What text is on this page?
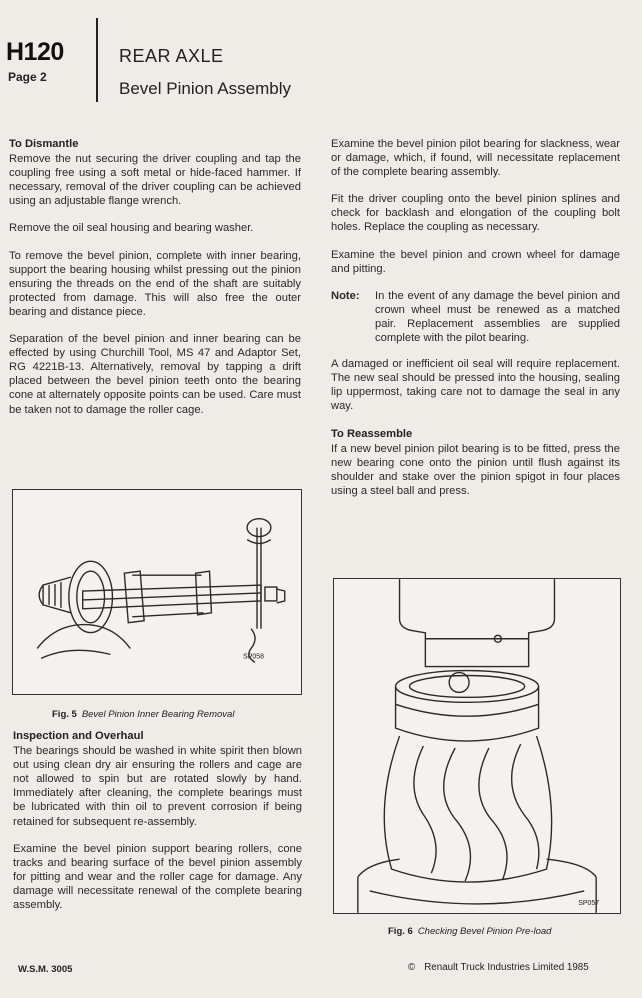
H120
Page 2
REAR AXLE
Bevel Pinion Assembly
To Dismantle

Remove the nut securing the driver coupling and tap the coupling free using a soft metal or hide-faced hammer. If necessary, removal of the driver coupling can be achieved using an adjustable flange wrench.

Remove the oil seal housing and bearing washer.

To remove the bevel pinion, complete with inner bearing, support the bearing housing whilst pressing out the pinion ensuring the threads on the end of the shaft are suitably protected from damage. This will also free the outer bearing and distance piece.

Separation of the bevel pinion and inner bearing can be effected by using Churchill Tool, MS 47 and Adaptor Set, RG 4221B-13. Alternatively, removal by tapping a drift placed between the bevel pinion teeth onto the bearing cone at alternately opposite points can be used. Care must be taken not to damage the roller cage.

SP058
Fig. 5 Bevel Pinion Inner Bearing Removal
Inspection and Overhaul

The bearings should be washed in white spirit then blown out using clean dry air ensuring the rollers and cage are not allowed to spin but are rotated slowly by hand. Immediately after cleaning, the complete bearings must be lubricated with thin oil to prevent corrosion if being retained for subsequent re-assembly.

Examine the bevel pinion support bearing rollers, cone tracks and bearing surface of the bevel pinion assembly for pitting and wear and the roller cage for damage. Any damage will necessitate renewal of the complete bearing assembly.

Examine the bevel pinion pilot bearing for slackness, wear or damage, which, if found, will necessitate replacement of the complete bearing assembly.

Fit the driver coupling onto the bevel pinion splines and check for backlash and elongation of the coupling bolt holes. Replace the coupling as necessary.

Examine the bevel pinion and crown wheel for damage and pitting.

Note:	In the event of any damage the bevel pinion and crown wheel must be renewed as a matched pair. Replacement assemblies are supplied complete with the pilot bearing.

A damaged or inefficient oil seal will require replacement. The new seal should be pressed into the housing, sealing lip uppermost, taking care not to damage the seal in any way.

To Reassemble

If a new bevel pinion pilot bearing is to be fitted, press the new bearing cone onto the pinion until flush against its shoulder and stake over the pinion spigot in four places using a steel ball and press.

SP057
Fig. 6 Checking Bevel Pinion Pre-load
W.S.M. 3005	© Renault Truck Industries Limited 1985
